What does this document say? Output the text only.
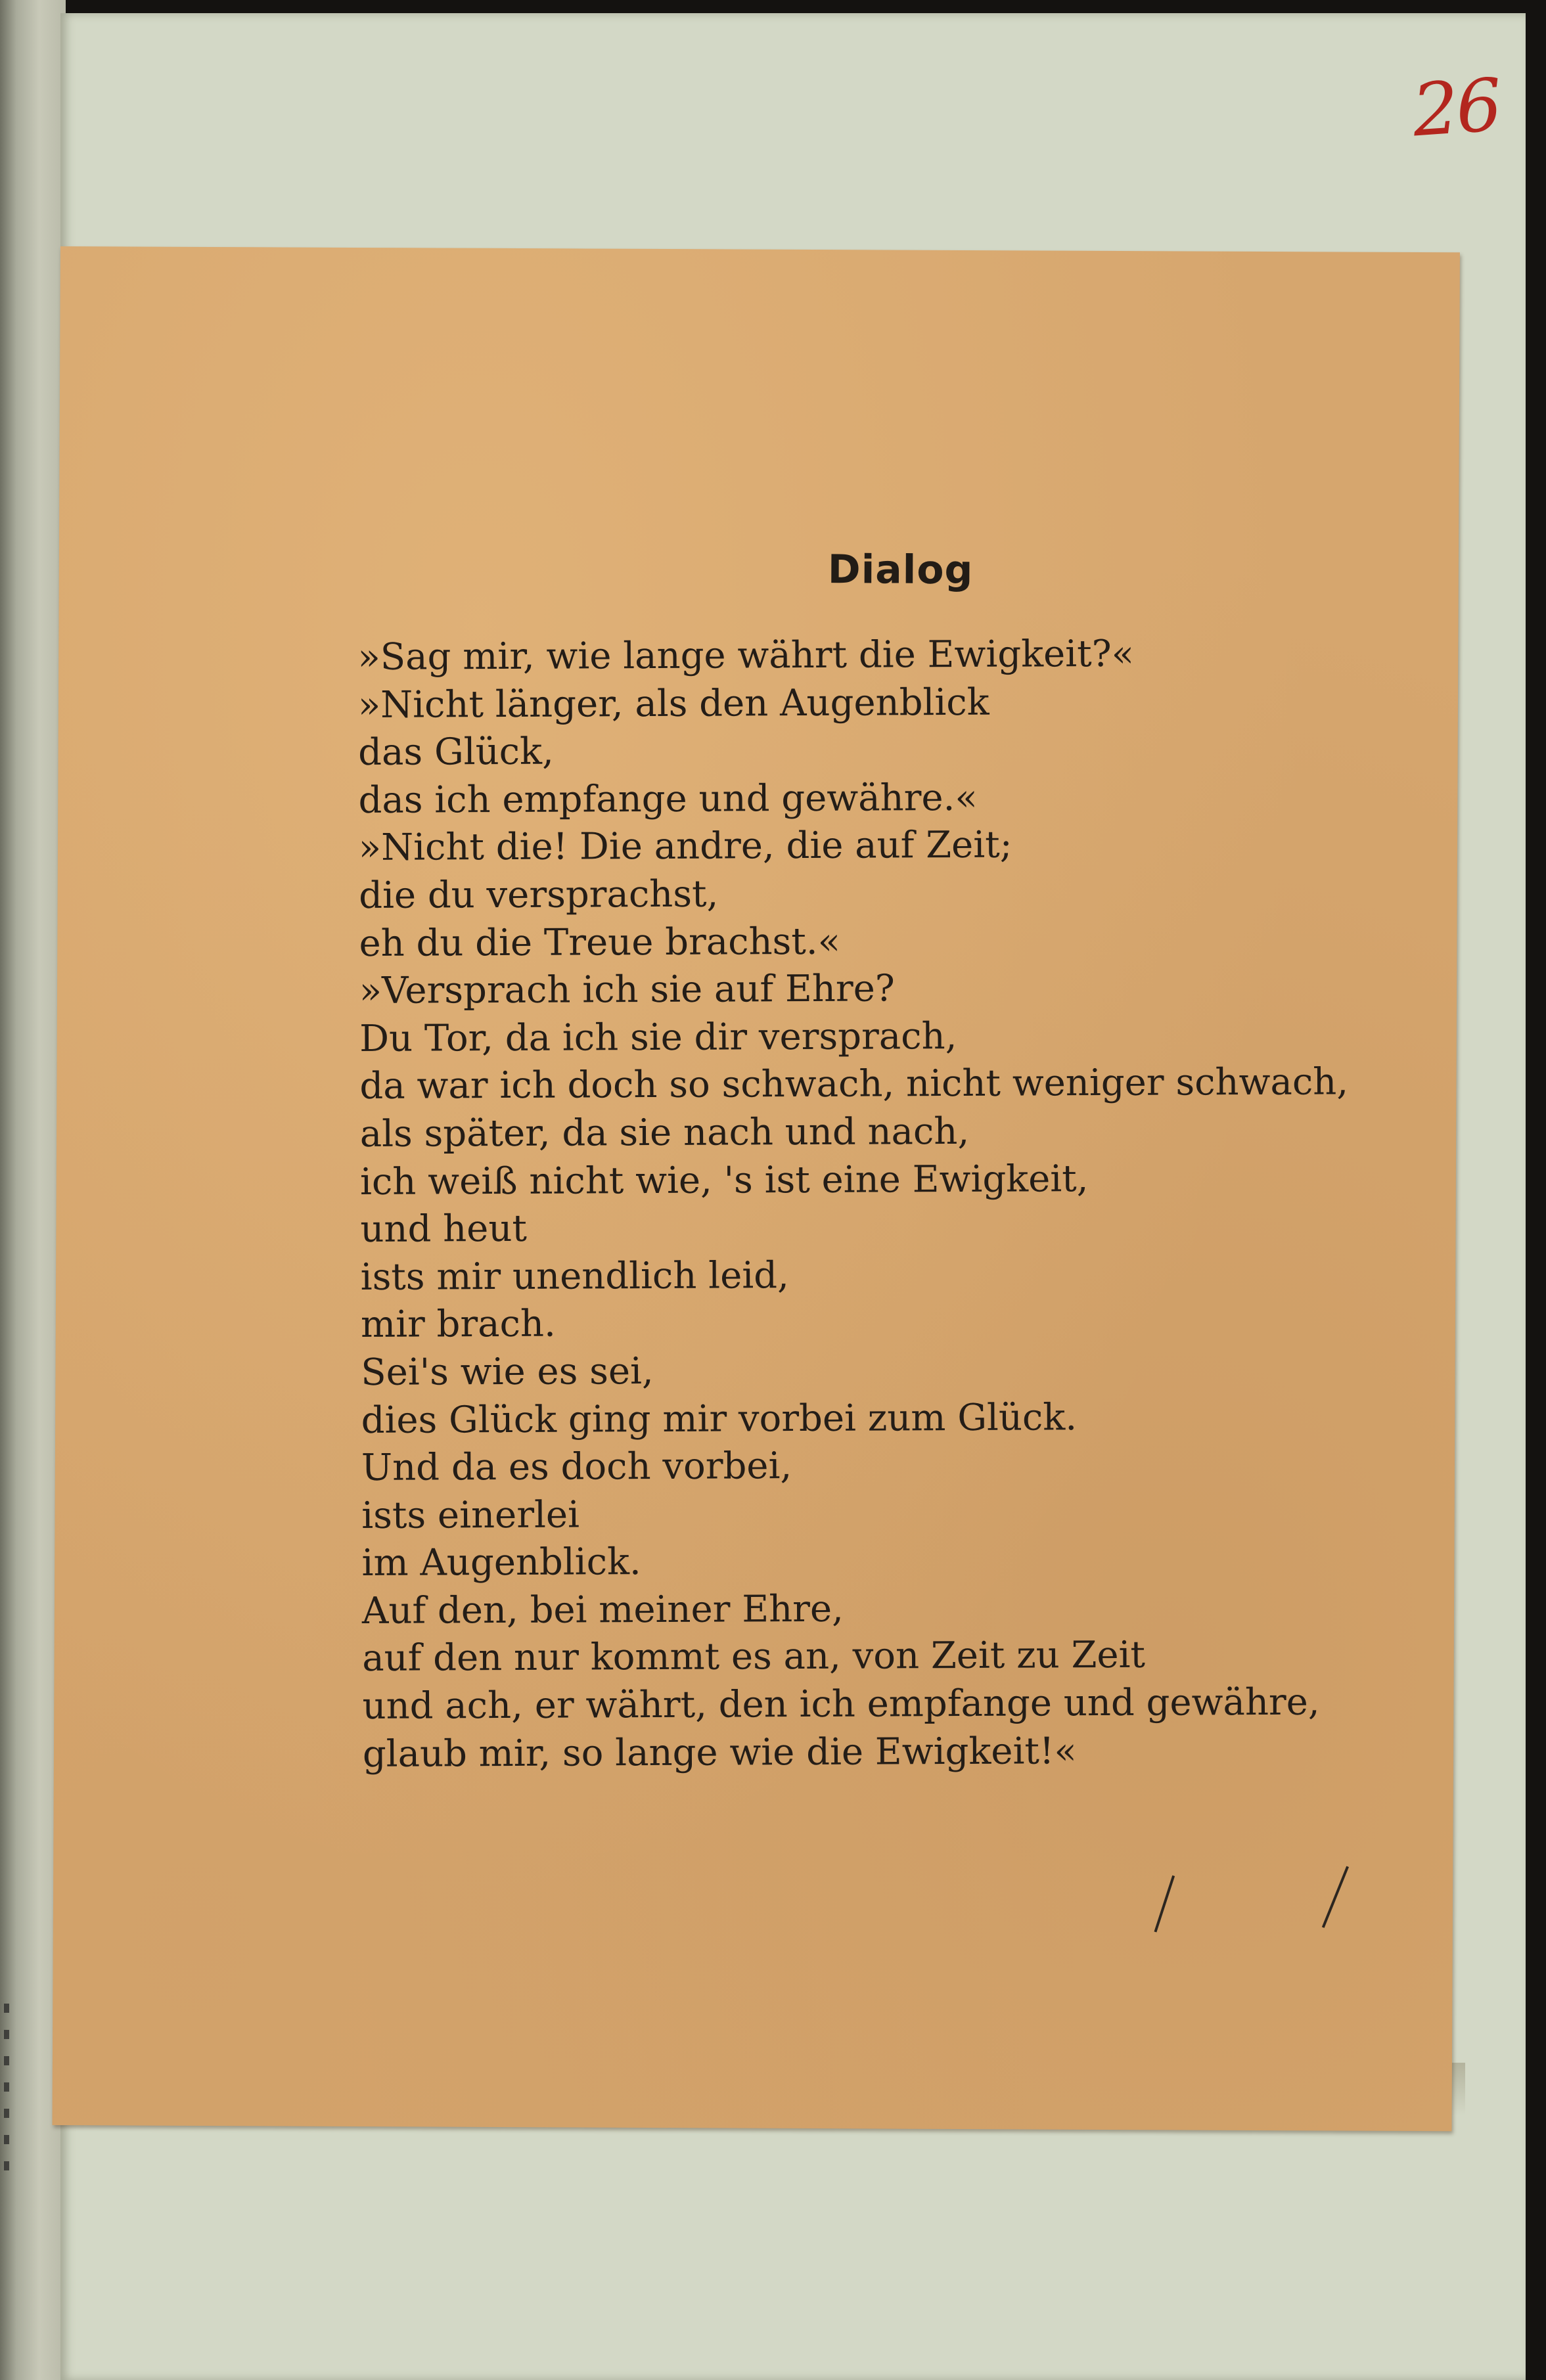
26
Dialog
»Sag mir, wie lange währt die Ewigkeit?«
»Nicht länger, als den Augenblick
das Glück,
das ich empfange und gewähre.«
»Nicht die! Die andre, die auf Zeit;
die du versprachst,
eh du die Treue brachst.«
»Versprach ich sie auf Ehre?
Du Tor, da ich sie dir versprach,
da war ich doch so schwach, nicht weniger schwach,
als später, da sie nach und nach,
ich weiß nicht wie, 's ist eine Ewigkeit,
und heut
ists mir unendlich leid,
mir brach.
Sei's wie es sei,
dies Glück ging mir vorbei zum Glück.
Und da es doch vorbei,
ists einerlei
im Augenblick.
Auf den, bei meiner Ehre,
auf den nur kommt es an, von Zeit zu Zeit
und ach, er währt, den ich empfange und gewähre,
glaub mir, so lange wie die Ewigkeit!«
